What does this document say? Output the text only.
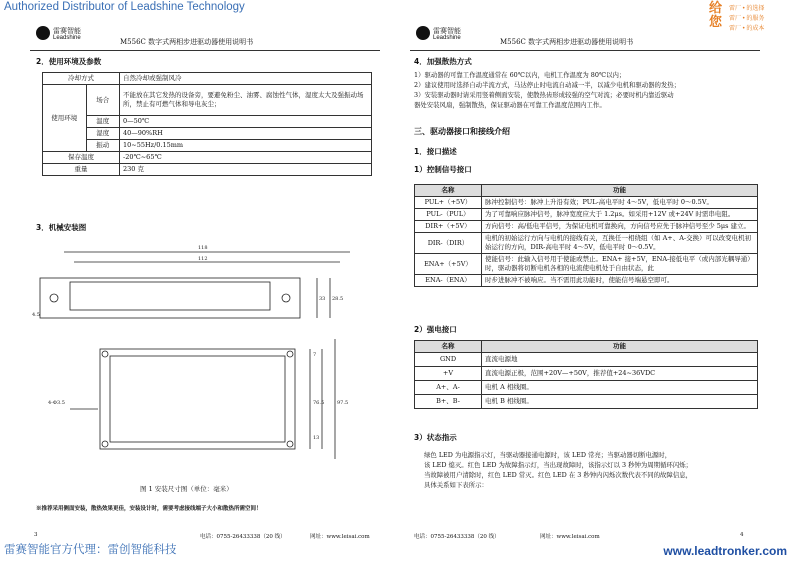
Authorized Distributor of Leadshine Technology	给您
雷厂 • 的选择
雷厂 • 的服务
雷厂 • 的成本
雷赛智能
Leadshine	M556C 数字式两相步进驱动器使用说明书
2．使用环境及参数
冷却方式		自然冷却或强制风冷
使用环境	场合	不能放在其它发热的设备旁，要避免粉尘、油雾、腐蚀性气体，湿度太大及强振动场所，禁止有可燃气体和导电灰尘；
	温度	0—50℃
	湿度	40—90%RH
	振动	10~55Hz/0.15mm
保存温度		-20℃~65℃
重量		230 克
3．机械安装图
118
112
4-Φ3.5
33 28.5
76.5	97.5
13
4.5
7
图 1 安装尺寸图（单位：毫米）
※推荐采用侧面安装，散热效果更佳，安装设计时，需要考虑接线端子大小和散热所需空间！
3	电话：0755-26433338（20 线）	网址：www.leisai.com
雷赛智能
Leadshine	M556C 数字式两相步进驱动器使用说明书
4．加强散热方式
1）驱动器的可靠工作温度通常在 60℃以内，电机工作温度为 80℃以内；
2）建议使用时选择自动半流方式，马达停止时电流自动减一半，以减少电机和驱动器的发热；
3）安装驱动器时请采用竖着侧面安装，使散热齿形成较强的空气对流；必要时机内靠近驱动
器处安装风扇，强制散热，保证驱动器在可靠工作温度范围内工作。
三、驱动器接口和接线介绍
1．接口描述
1）控制信号接口
名称	功能
PUL+（+5V）	脉冲控制信号：脉冲上升沿有效；PUL-高电平时 4～5V，低电平时 0～0.5V。
PUL-（PUL）	为了可靠响应脉冲信号，脉冲宽度应大于 1.2μs。如采用+12V 或+24V 时需串电阻。
DIR+（+5V）	方向信号：高/低电平信号，为保证电机可靠换向，方向信号应先于脉冲信号至少 5μs 建立。
DIR-（DIR）	电机的初始运行方向与电机的接线有关，互换任一相绕组（如 A+、A-交换）可以改变电机初始运行的方向，DIR-高电平时 4～5V，低电平时 0～0.5V。
ENA+（+5V）	使能信号：此输入信号用于使能或禁止。ENA+ 接+5V，ENA-接低电平（或内部光耦导通）时，驱动器将切断电机各相的电流使电机处于自由状态，此
ENA-（ENA）	时步进脉冲不被响应。当不需用此功能时，使能信号端悬空即可。
2）强电接口
名称	功能
GND	直流电源地
+V	直流电源正极，范围+20V—+50V，推荐值+24~36VDC
A+、A-	电机 A 相线圈。
B+、B-	电机 B 相线圈。
3）状态指示
绿色 LED 为电源指示灯，当驱动器接通电源时，该 LED 常亮；当驱动器切断电源时，
该 LED 熄灭。红色 LED 为故障指示灯，当出现故障时，该指示灯以 3 秒钟为周期循环闪烁；
当故障被用户清除时，红色 LED 常灭。红色 LED 在 3 秒钟内闪烁次数代表不同的故障信息，
具体关系如下表所示：
电话：0755-26433338（20 线）	网址：www.leisai.com	4
雷赛智能官方代理：雷创智能科技	www.leadtronker.com
